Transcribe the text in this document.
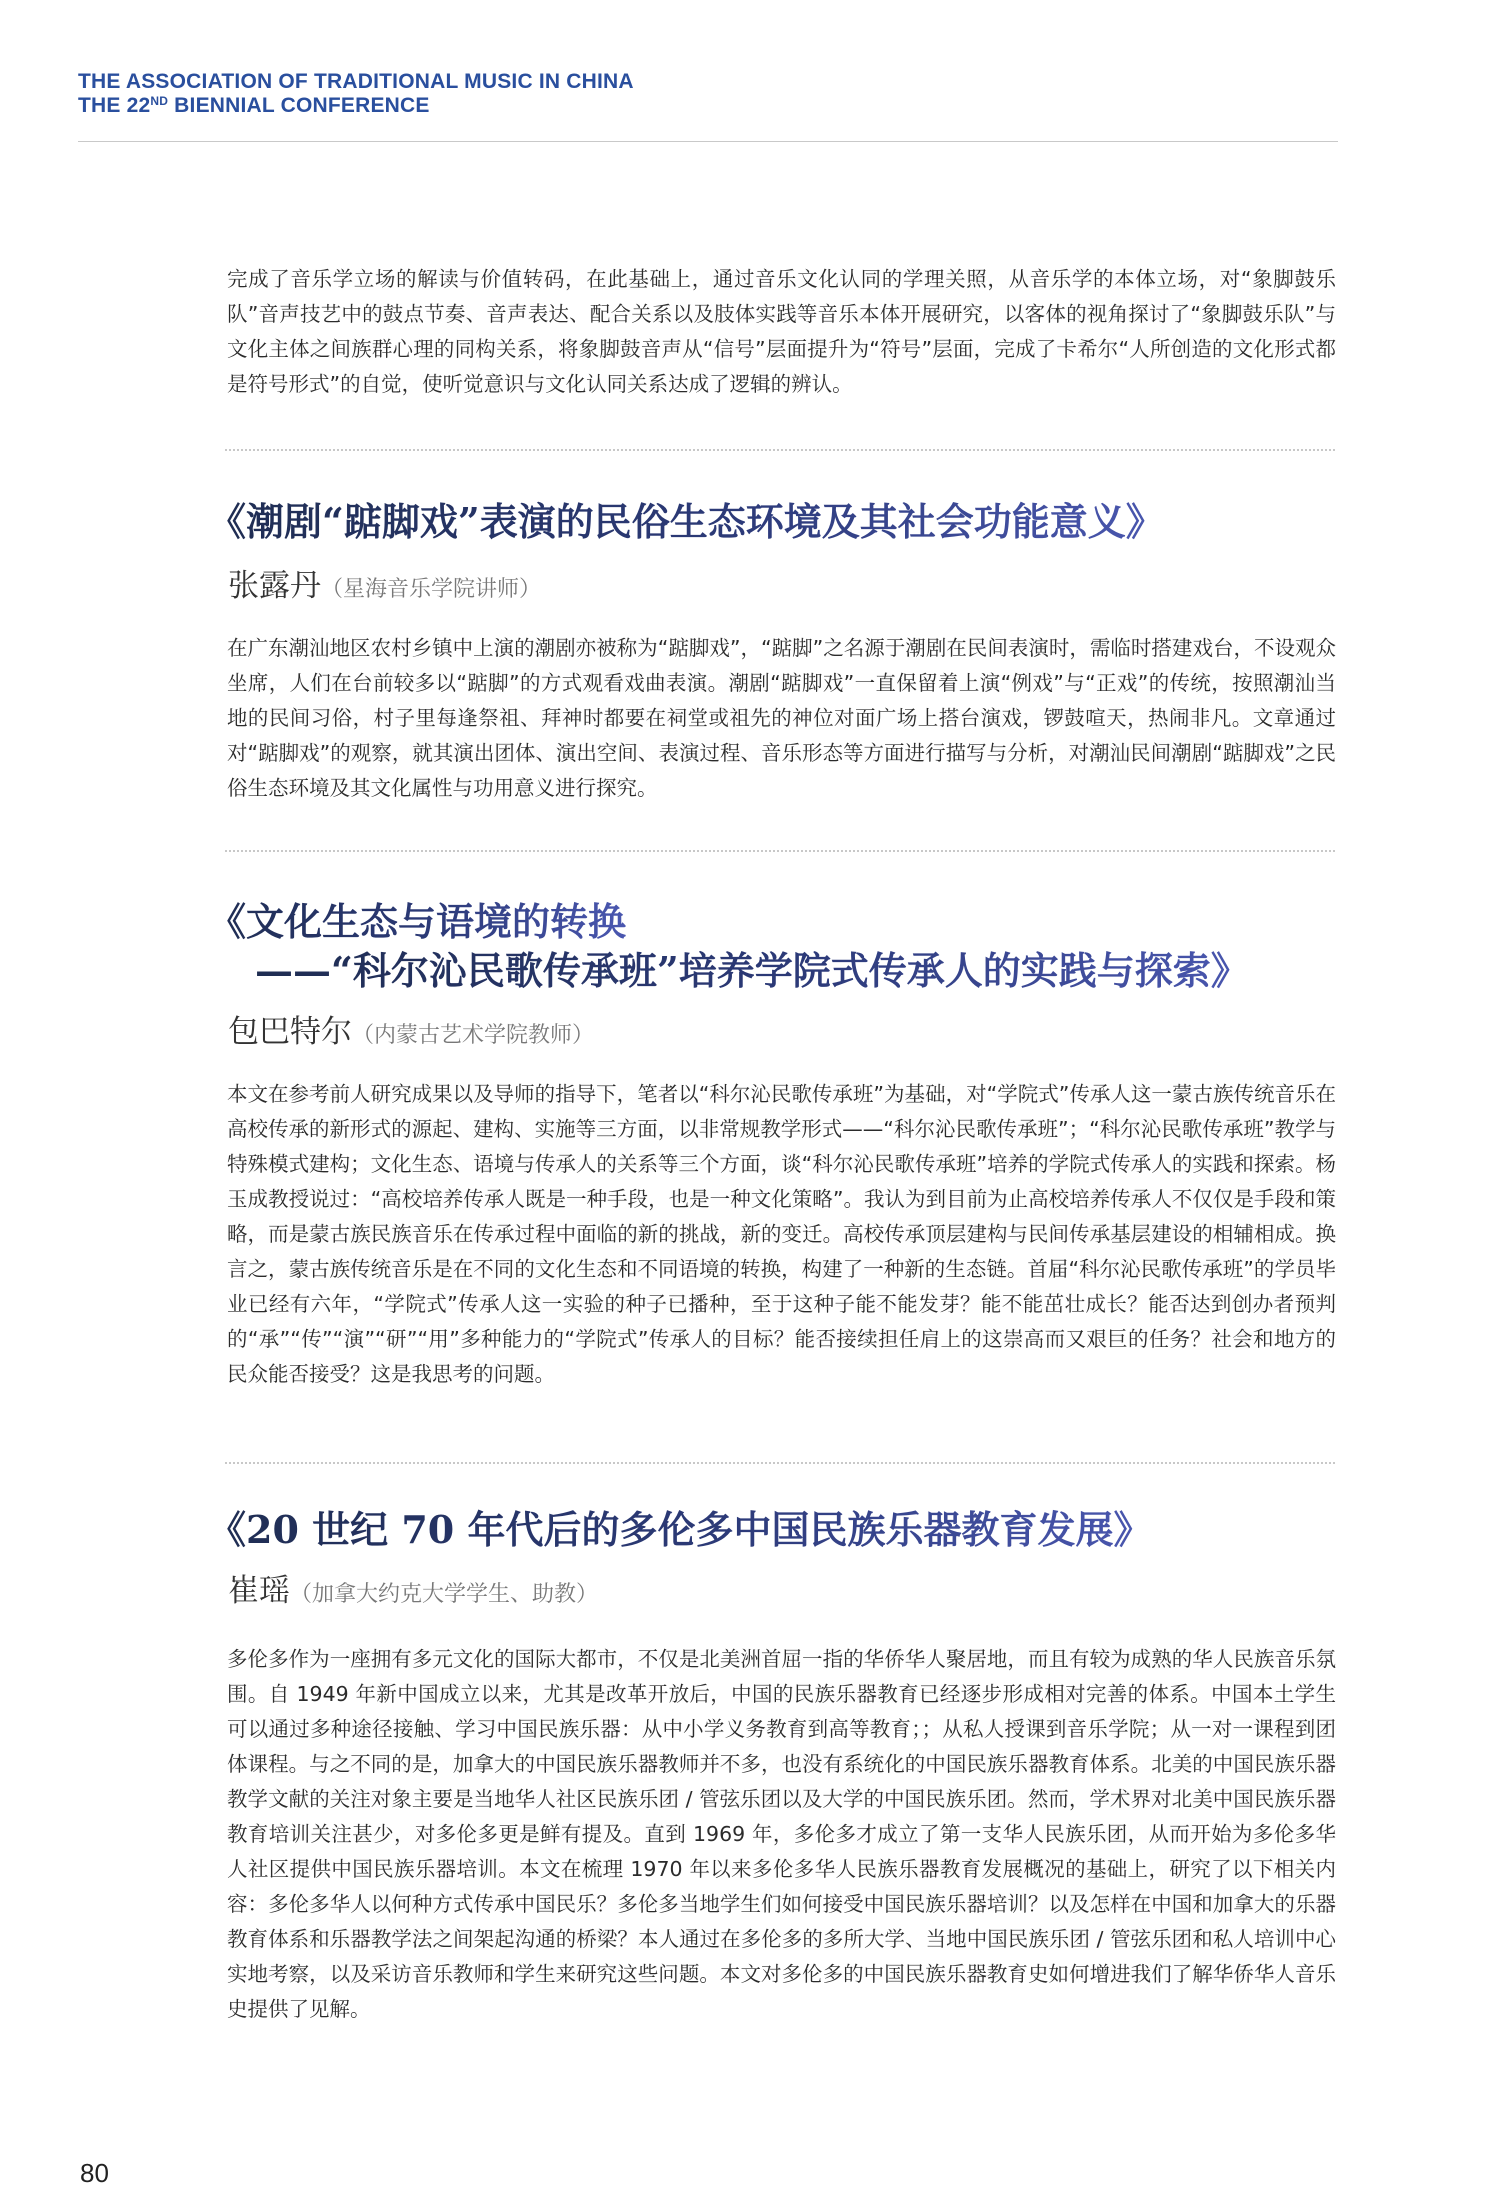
THE ASSOCIATION OF TRADITIONAL MUSIC IN CHINA
THE 22ND BIENNIAL CONFERENCE

完成了音乐学立场的解读与价值转码，在此基础上，通过音乐文化认同的学理关照，从音乐学的本体立场，对“象脚鼓乐队”音声技艺中的鼓点节奏、音声表达、配合关系以及肢体实践等音乐本体开展研究，以客体的视角探讨了“象脚鼓乐队”与文化主体之间族群心理的同构关系，将象脚鼓音声从“信号”层面提升为“符号”层面，完成了卡希尔“人所创造的文化形式都是符号形式”的自觉，使听觉意识与文化认同关系达成了逻辑的辨认。

《潮剧“踮脚戏”表演的民俗生态环境及其社会功能意义》
张露丹（星海音乐学院讲师）

在广东潮汕地区农村乡镇中上演的潮剧亦被称为“踮脚戏”，“踮脚”之名源于潮剧在民间表演时，需临时搭建戏台，不设观众坐席，人们在台前较多以“踮脚”的方式观看戏曲表演。潮剧“踮脚戏”一直保留着上演“例戏”与“正戏”的传统，按照潮汕当地的民间习俗，村子里每逢祭祖、拜神时都要在祠堂或祖先的神位对面广场上搭台演戏，锣鼓喧天，热闹非凡。文章通过对“踮脚戏”的观察，就其演出团体、演出空间、表演过程、音乐形态等方面进行描写与分析，对潮汕民间潮剧“踮脚戏”之民俗生态环境及其文化属性与功用意义进行探究。

《文化生态与语境的转换
——“科尔沁民歌传承班”培养学院式传承人的实践与探索》
包巴特尔（内蒙古艺术学院教师）

本文在参考前人研究成果以及导师的指导下，笔者以“科尔沁民歌传承班”为基础，对“学院式”传承人这一蒙古族传统音乐在高校传承的新形式的源起、建构、实施等三方面，以非常规教学形式——“科尔沁民歌传承班”；“科尔沁民歌传承班”教学与特殊模式建构；文化生态、语境与传承人的关系等三个方面，谈“科尔沁民歌传承班”培养的学院式传承人的实践和探索。杨玉成教授说过：“高校培养传承人既是一种手段，也是一种文化策略”。我认为到目前为止高校培养传承人不仅仅是手段和策略，而是蒙古族民族音乐在传承过程中面临的新的挑战，新的变迁。高校传承顶层建构与民间传承基层建设的相辅相成。换言之，蒙古族传统音乐是在不同的文化生态和不同语境的转换，构建了一种新的生态链。首届“科尔沁民歌传承班”的学员毕业已经有六年，“学院式”传承人这一实验的种子已播种，至于这种子能不能发芽？能不能茁壮成长？能否达到创办者预判的“承”“传”“演”“研”“用”多种能力的“学院式”传承人的目标？能否接续担任肩上的这崇高而又艰巨的任务？社会和地方的民众能否接受？这是我思考的问题。

《20 世纪 70 年代后的多伦多中国民族乐器教育发展》
崔瑶（加拿大约克大学学生、助教）

多伦多作为一座拥有多元文化的国际大都市，不仅是北美洲首屈一指的华侨华人聚居地，而且有较为成熟的华人民族音乐氛围。自 1949 年新中国成立以来，尤其是改革开放后，中国的民族乐器教育已经逐步形成相对完善的体系。中国本土学生可以通过多种途径接触、学习中国民族乐器：从中小学义务教育到高等教育；；从私人授课到音乐学院；从一对一课程到团体课程。与之不同的是，加拿大的中国民族乐器教师并不多，也没有系统化的中国民族乐器教育体系。北美的中国民族乐器教学文献的关注对象主要是当地华人社区民族乐团 / 管弦乐团以及大学的中国民族乐团。然而，学术界对北美中国民族乐器教育培训关注甚少，对多伦多更是鲜有提及。直到 1969 年，多伦多才成立了第一支华人民族乐团，从而开始为多伦多华人社区提供中国民族乐器培训。本文在梳理 1970 年以来多伦多华人民族乐器教育发展概况的基础上，研究了以下相关内容：多伦多华人以何种方式传承中国民乐？多伦多当地学生们如何接受中国民族乐器培训？以及怎样在中国和加拿大的乐器教育体系和乐器教学法之间架起沟通的桥梁？本人通过在多伦多的多所大学、当地中国民族乐团 / 管弦乐团和私人培训中心实地考察，以及采访音乐教师和学生来研究这些问题。本文对多伦多的中国民族乐器教育史如何增进我们了解华侨华人音乐史提供了见解。

80
